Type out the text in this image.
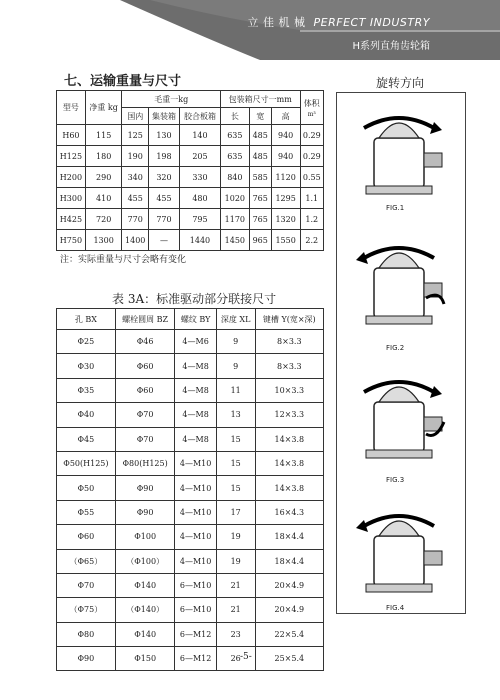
立 佳 机 械 PERFECT INDUSTRY
H系列直角齿轮箱
七、运输重量与尺寸
型号	净重 kg	毛重一kg			包装箱尺寸一mm			体积
m³
		国内	集装箱	胶合板箱	长	宽	高	
H60	115	125	130	140	635	485	940	0.29
H125	180	190	198	205	635	485	940	0.29
H200	290	340	320	330	840	585	1120	0.55
H300	410	455	455	480	1020	765	1295	1.1
H425	720	770	770	795	1170	765	1320	1.2
H750	1300	1400	—	1440	1450	965	1550	2.2
注：实际重量与尺寸会略有变化
表 3A：标准驱动部分联接尺寸
孔 BX	螺栓圆周 BZ	螺纹 BY	深度 XL	键槽 Y(宽×深)
Φ25	Φ46	4—M6	9	8×3.3
Φ30	Φ60	4—M8	9	8×3.3
Φ35	Φ60	4—M8	11	10×3.3
Φ40	Φ70	4—M8	13	12×3.3
Φ45	Φ70	4—M8	15	14×3.8
Φ50(H125)	Φ80(H125)	4—M10	15	14×3.8
Φ50	Φ90	4—M10	15	14×3.8
Φ55	Φ90	4—M10	17	16×4.3
Φ60	Φ100	4—M10	19	18×4.4
（Φ65）	（Φ100）	4—M10	19	18×4.4
Φ70	Φ140	6—M10	21	20×4.9
（Φ75）	（Φ140）	6—M10	21	20×4.9
Φ80	Φ140	6—M12	23	22×5.4
Φ90	Φ150	6—M12	26	25×5.4
旋转方向
FIG.1
FIG.2
FIG.3
FIG.4
-5-
